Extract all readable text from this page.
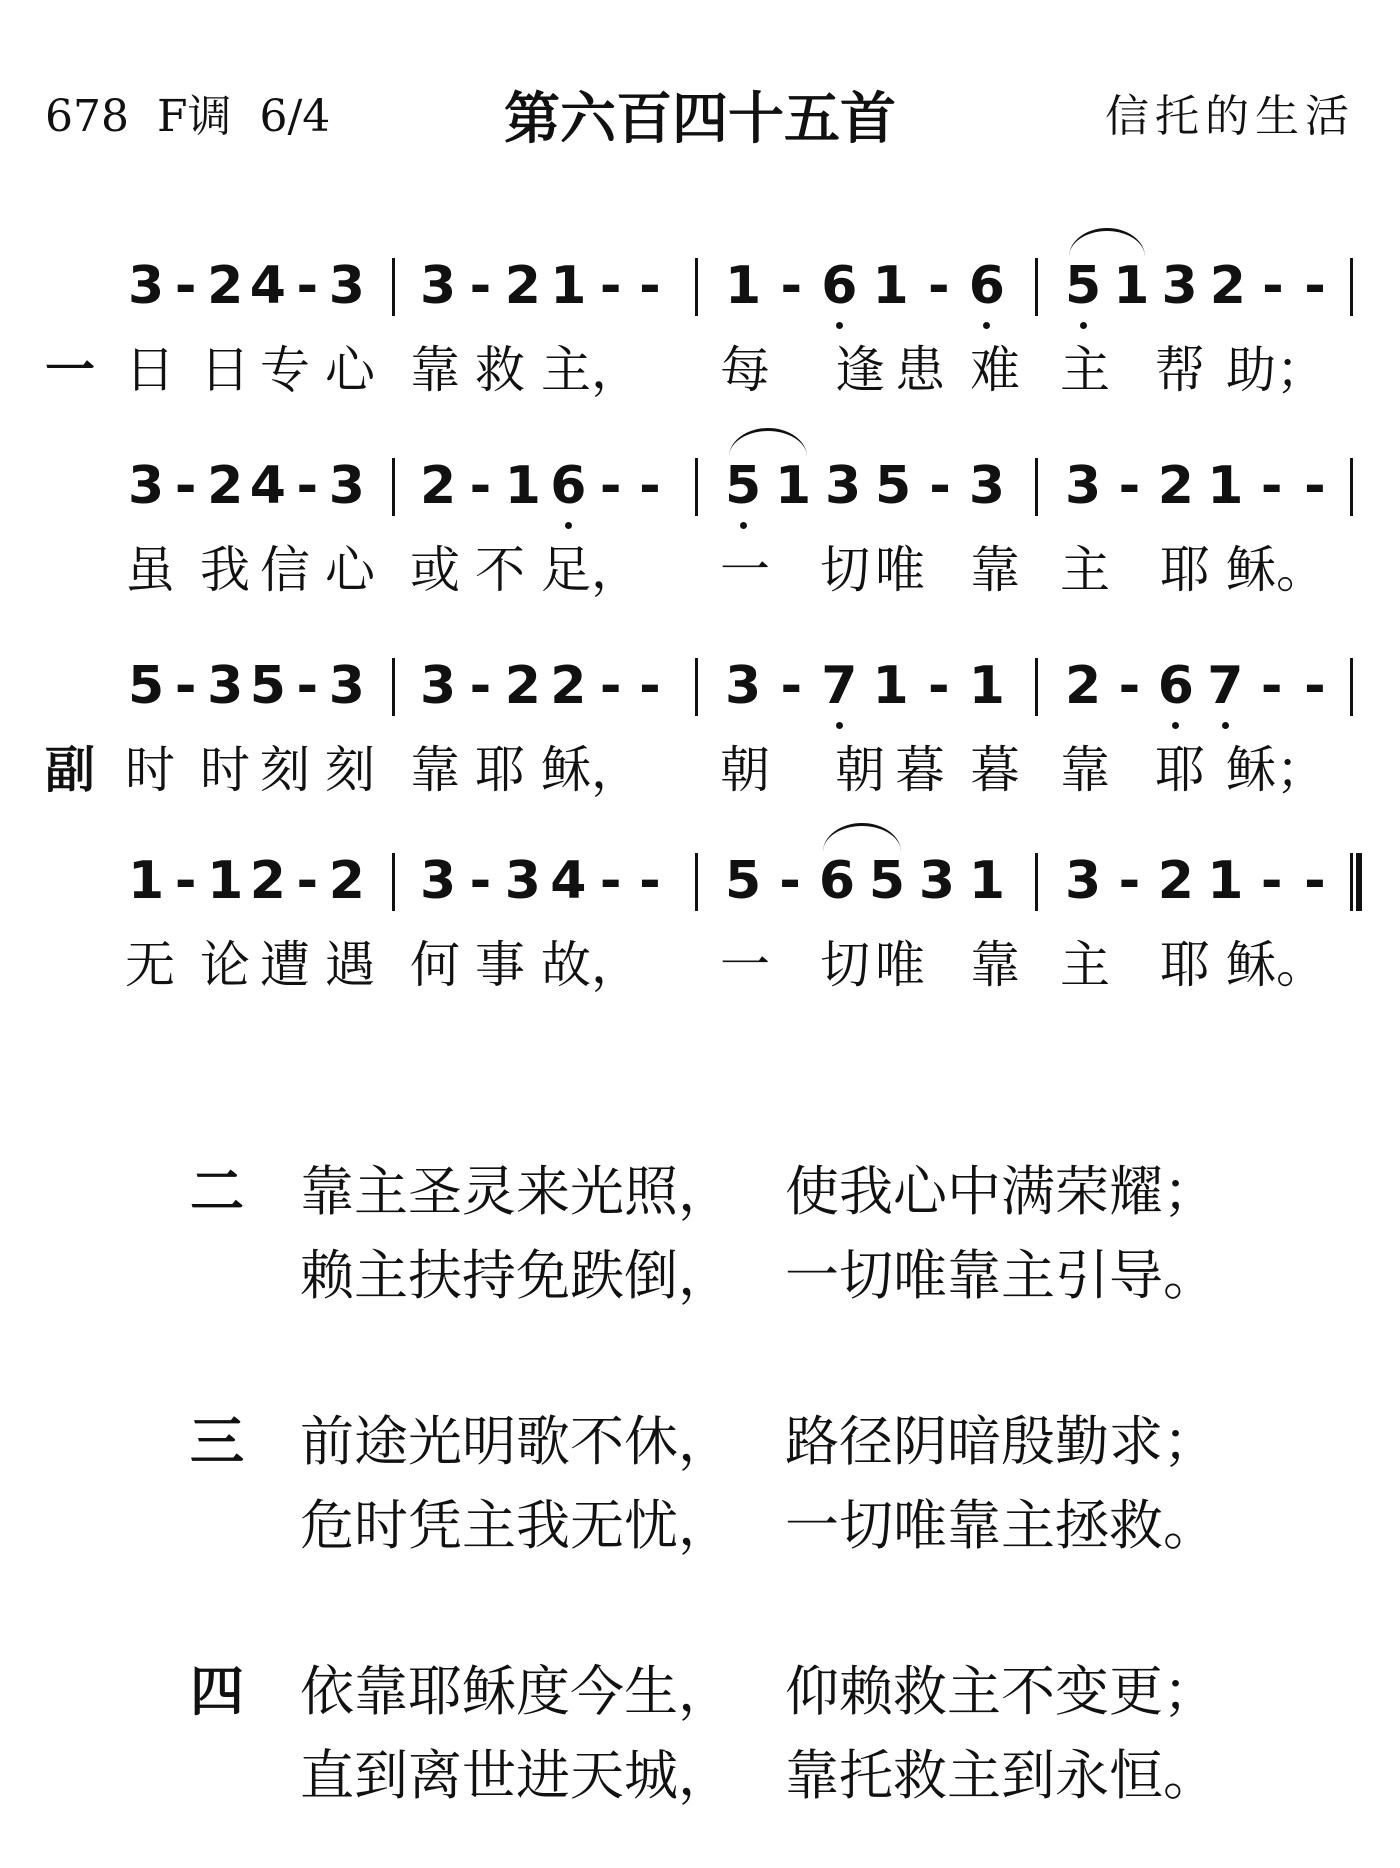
678  F调  6/4	第六百四十五首	信托的生活
3 - 2 4 - 3 3 - 2 1 - - 1 - 6 1 - 6 5 1 3 2 - -
一 日 日 专 心 靠 救 主， 每 逢 患 难 主 帮 助；
3 - 2 4 - 3 2 - 1 6 - - 5 1 3 5 - 3 3 - 2 1 - -
虽 我 信 心 或 不 足， 一 切 唯 靠 主 耶 稣。
5 - 3 5 - 3 3 - 2 2 - - 3 - 7 1 - 1 2 - 6 7 - -
副 时 时 刻 刻 靠 耶 稣， 朝 朝 暮 暮 靠 耶 稣；
1 - 1 2 - 2 3 - 3 4 - - 5 - 6 5 3 1 3 - 2 1 - -
无 论 遭 遇 何 事 故， 一 切 唯 靠 主 耶 稣。
二 靠主圣灵来光照， 使我心中满荣耀；
赖主扶持免跌倒， 一切唯靠主引导。
三 前途光明歌不休， 路径阴暗殷勤求；
危时凭主我无忧， 一切唯靠主拯救。
四 依靠耶稣度今生， 仰赖救主不变更；
直到离世进天城， 靠托救主到永恒。
